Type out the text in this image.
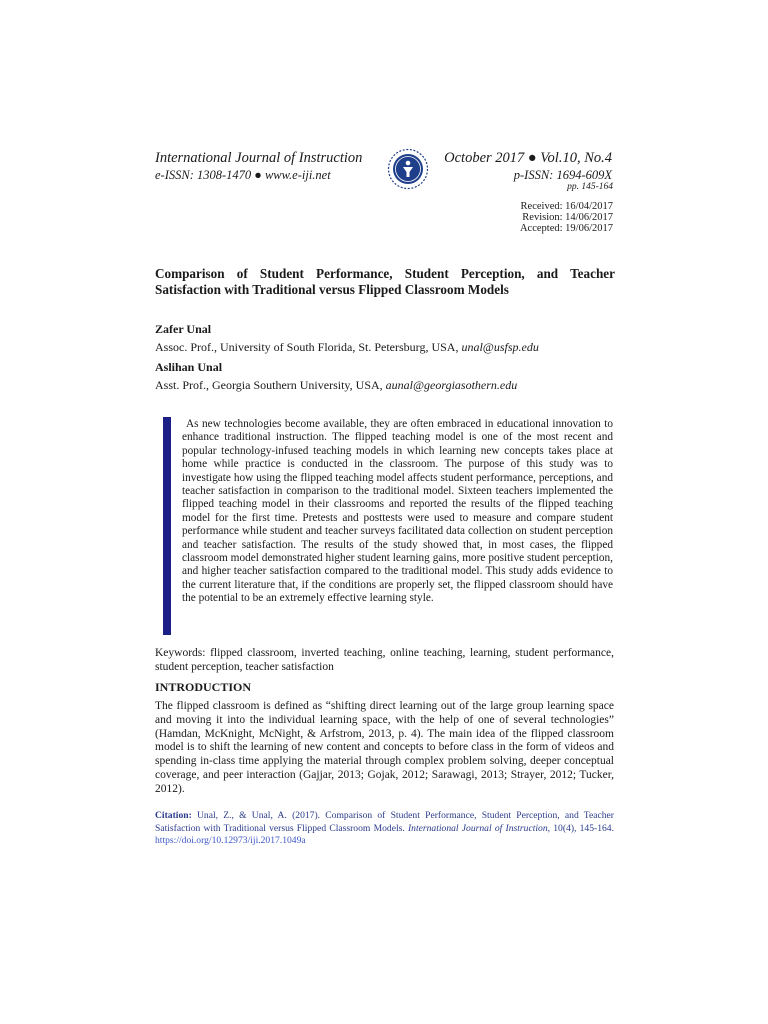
International Journal of Instruction
e-ISSN: 1308-1470 ● www.e-iji.net
October 2017 ● Vol.10, No.4
p-ISSN: 1694-609X
pp. 145-164
Received: 16/04/2017
Revision: 14/06/2017
Accepted: 19/06/2017
Comparison of Student Performance, Student Perception, and Teacher Satisfaction with Traditional versus Flipped Classroom Models
Zafer Unal
Assoc. Prof., University of South Florida, St. Petersburg, USA, unal@usfsp.edu
Aslihan Unal
Asst. Prof., Georgia Southern University, USA, aunal@georgiasothern.edu
As new technologies become available, they are often embraced in educational innovation to enhance traditional instruction. The flipped teaching model is one of the most recent and popular technology-infused teaching models in which learning new concepts takes place at home while practice is conducted in the classroom. The purpose of this study was to investigate how using the flipped teaching model affects student performance, perceptions, and teacher satisfaction in comparison to the traditional model. Sixteen teachers implemented the flipped teaching model in their classrooms and reported the results of the flipped teaching model for the first time. Pretests and posttests were used to measure and compare student performance while student and teacher surveys facilitated data collection on student perception and teacher satisfaction. The results of the study showed that, in most cases, the flipped classroom model demonstrated higher student learning gains, more positive student perception, and higher teacher satisfaction compared to the traditional model. This study adds evidence to the current literature that, if the conditions are properly set, the flipped classroom should have the potential to be an extremely effective learning style.
Keywords: flipped classroom, inverted teaching, online teaching, learning, student performance, student perception, teacher satisfaction
INTRODUCTION
The flipped classroom is defined as “shifting direct learning out of the large group learning space and moving it into the individual learning space, with the help of one of several technologies” (Hamdan, McKnight, McNight, & Arfstrom, 2013, p. 4). The main idea of the flipped classroom model is to shift the learning of new content and concepts to before class in the form of videos and spending in-class time applying the material through complex problem solving, deeper conceptual coverage, and peer interaction (Gajjar, 2013; Gojak, 2012; Sarawagi, 2013; Strayer, 2012; Tucker, 2012).
Citation: Unal, Z., & Unal, A. (2017). Comparison of Student Performance, Student Perception, and Teacher Satisfaction with Traditional versus Flipped Classroom Models. International Journal of Instruction, 10(4), 145-164. https://doi.org/10.12973/iji.2017.1049a
